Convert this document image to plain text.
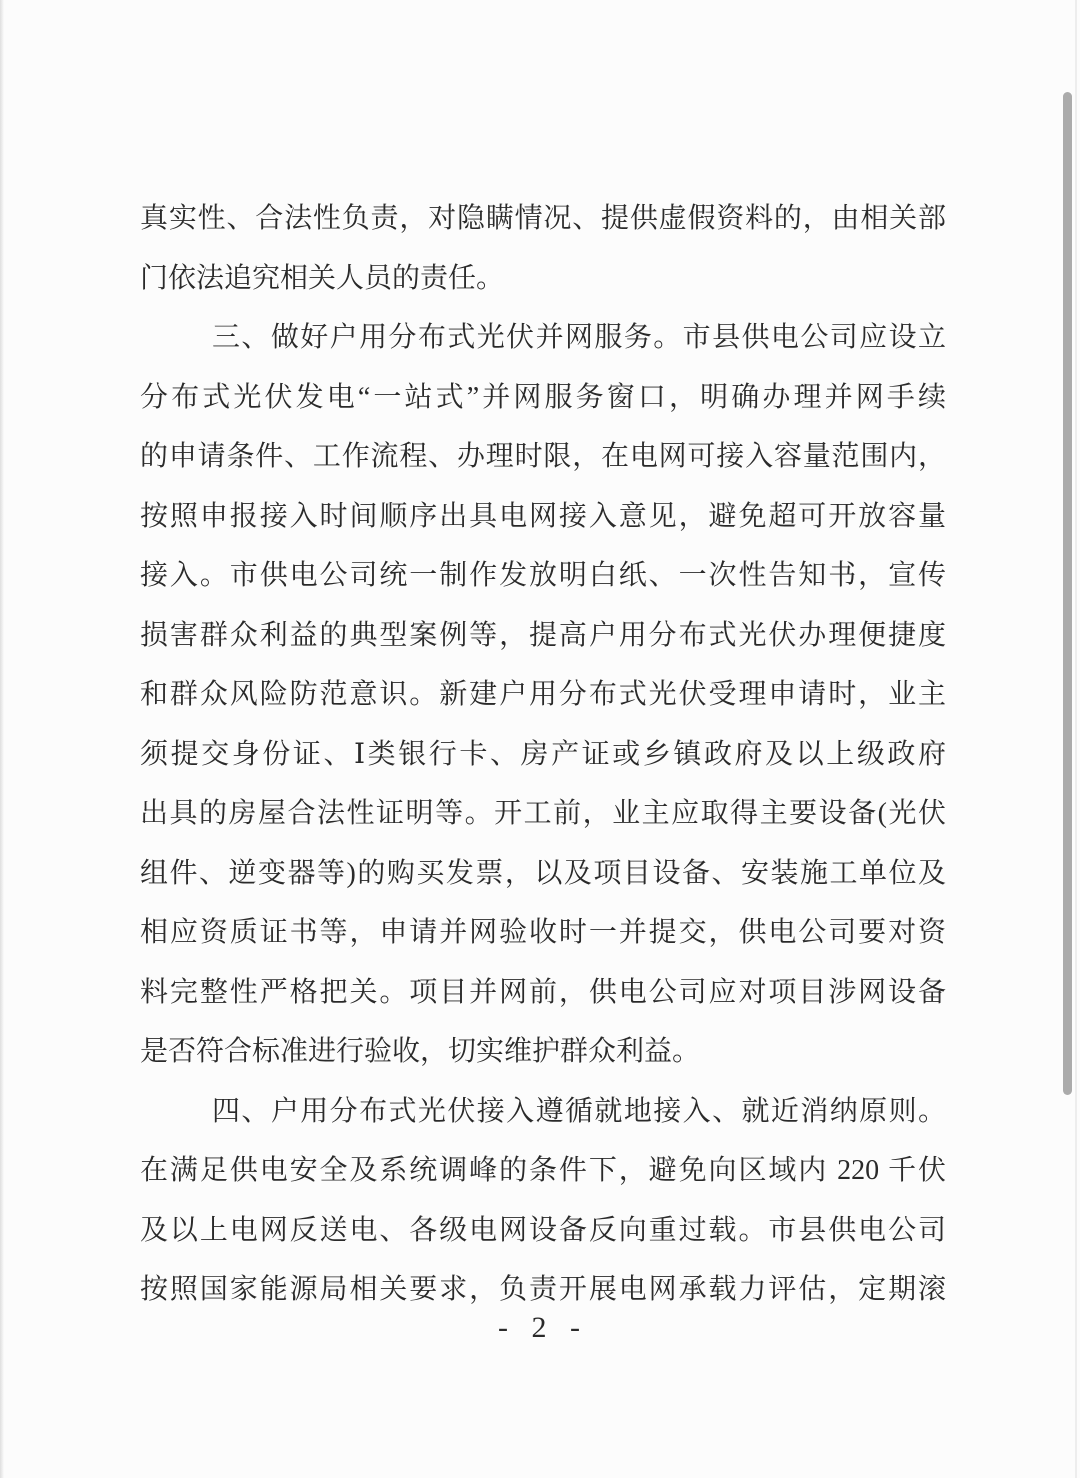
真实性、合法性负责，对隐瞒情况、提供虚假资料的，由相关部
门依法追究相关人员的责任。
三、做好户用分布式光伏并网服务。市县供电公司应设立
分布式光伏发电“一站式”并网服务窗口，明确办理并网手续
的申请条件、工作流程、办理时限，在电网可接入容量范围内，
按照申报接入时间顺序出具电网接入意见，避免超可开放容量
接入。市供电公司统一制作发放明白纸、一次性告知书，宣传
损害群众利益的典型案例等，提高户用分布式光伏办理便捷度
和群众风险防范意识。新建户用分布式光伏受理申请时，业主
须提交身份证、Ⅰ类银行卡、房产证或乡镇政府及以上级政府
出具的房屋合法性证明等。开工前，业主应取得主要设备(光伏
组件、逆变器等)的购买发票，以及项目设备、安装施工单位及
相应资质证书等，申请并网验收时一并提交，供电公司要对资
料完整性严格把关。项目并网前，供电公司应对项目涉网设备
是否符合标准进行验收，切实维护群众利益。
四、户用分布式光伏接入遵循就地接入、就近消纳原则。
在满足供电安全及系统调峰的条件下，避免向区域内 220 千伏
及以上电网反送电、各级电网设备反向重过载。市县供电公司
按照国家能源局相关要求，负责开展电网承载力评估，定期滚
- 2 -
